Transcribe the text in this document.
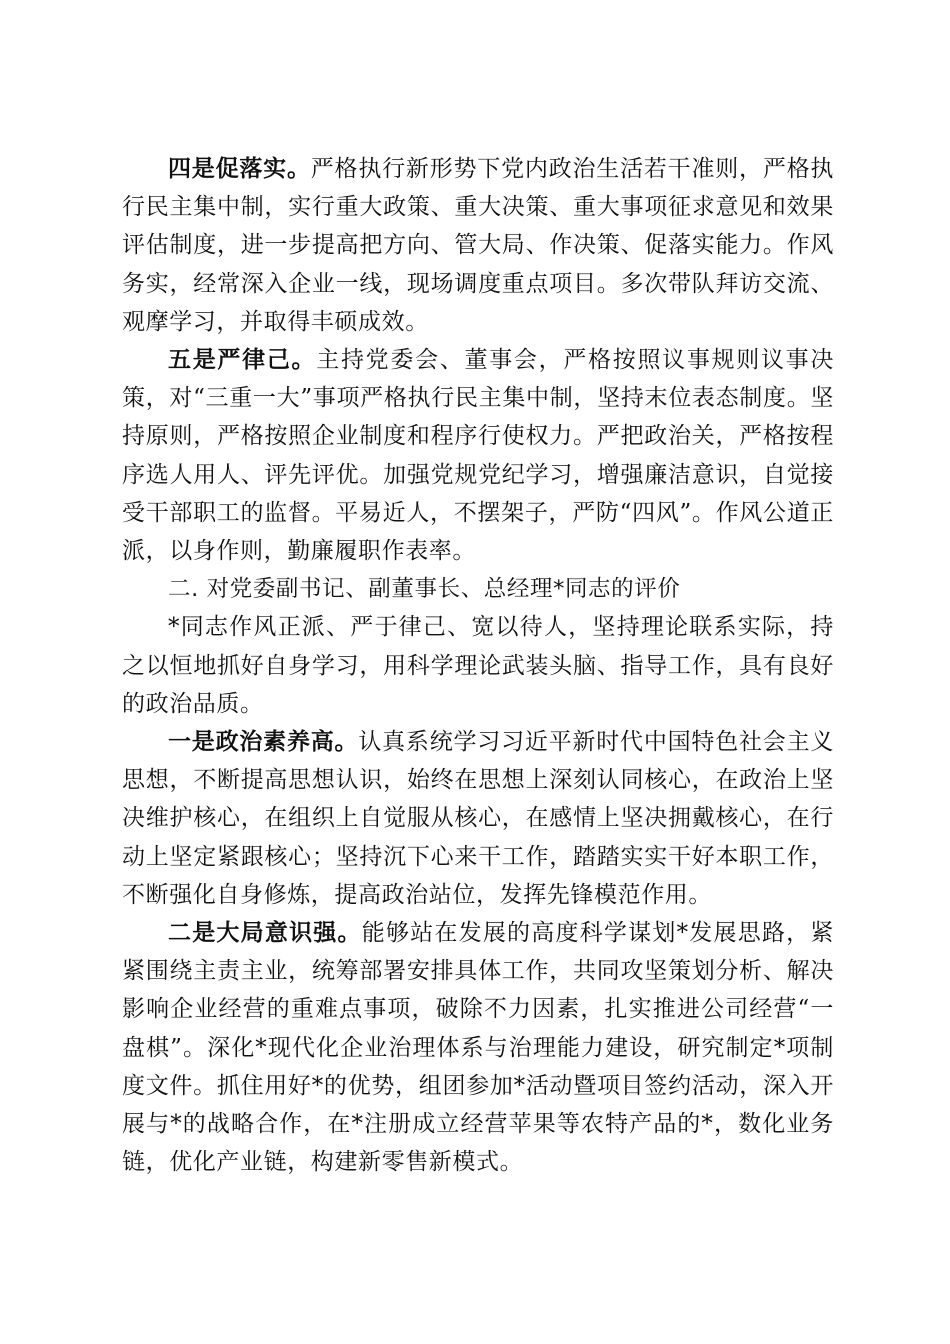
四是促落实。严格执行新形势下党内政治生活若干准则，严格执行民主集中制，实行重大政策、重大决策、重大事项征求意见和效果评估制度，进一步提高把方向、管大局、作决策、促落实能力。作风务实，经常深入企业一线，现场调度重点项目。多次带队拜访交流、观摩学习，并取得丰硕成效。

五是严律己。主持党委会、董事会，严格按照议事规则议事决策，对“三重一大”事项严格执行民主集中制，坚持末位表态制度。坚持原则，严格按照企业制度和程序行使权力。严把政治关，严格按程序选人用人、评先评优。加强党规党纪学习，增强廉洁意识，自觉接受干部职工的监督。平易近人，不摆架子，严防“四风”。作风公道正派，以身作则，勤廉履职作表率。

二. 对党委副书记、副董事长、总经理*同志的评价

*同志作风正派、严于律己、宽以待人，坚持理论联系实际，持之以恒地抓好自身学习，用科学理论武装头脑、指导工作，具有良好的政治品质。

一是政治素养高。认真系统学习习近平新时代中国特色社会主义思想，不断提高思想认识，始终在思想上深刻认同核心，在政治上坚决维护核心，在组织上自觉服从核心，在感情上坚决拥戴核心，在行动上坚定紧跟核心；坚持沉下心来干工作，踏踏实实干好本职工作，不断强化自身修炼，提高政治站位，发挥先锋模范作用。

二是大局意识强。能够站在发展的高度科学谋划*发展思路，紧紧围绕主责主业，统筹部署安排具体工作，共同攻坚策划分析、解决影响企业经营的重难点事项，破除不力因素，扎实推进公司经营“一盘棋”。深化*现代化企业治理体系与治理能力建设，研究制定*项制度文件。抓住用好*的优势，组团参加*活动暨项目签约活动，深入开展与*的战略合作，在*注册成立经营苹果等农特产品的*，数化业务链，优化产业链，构建新零售新模式。
